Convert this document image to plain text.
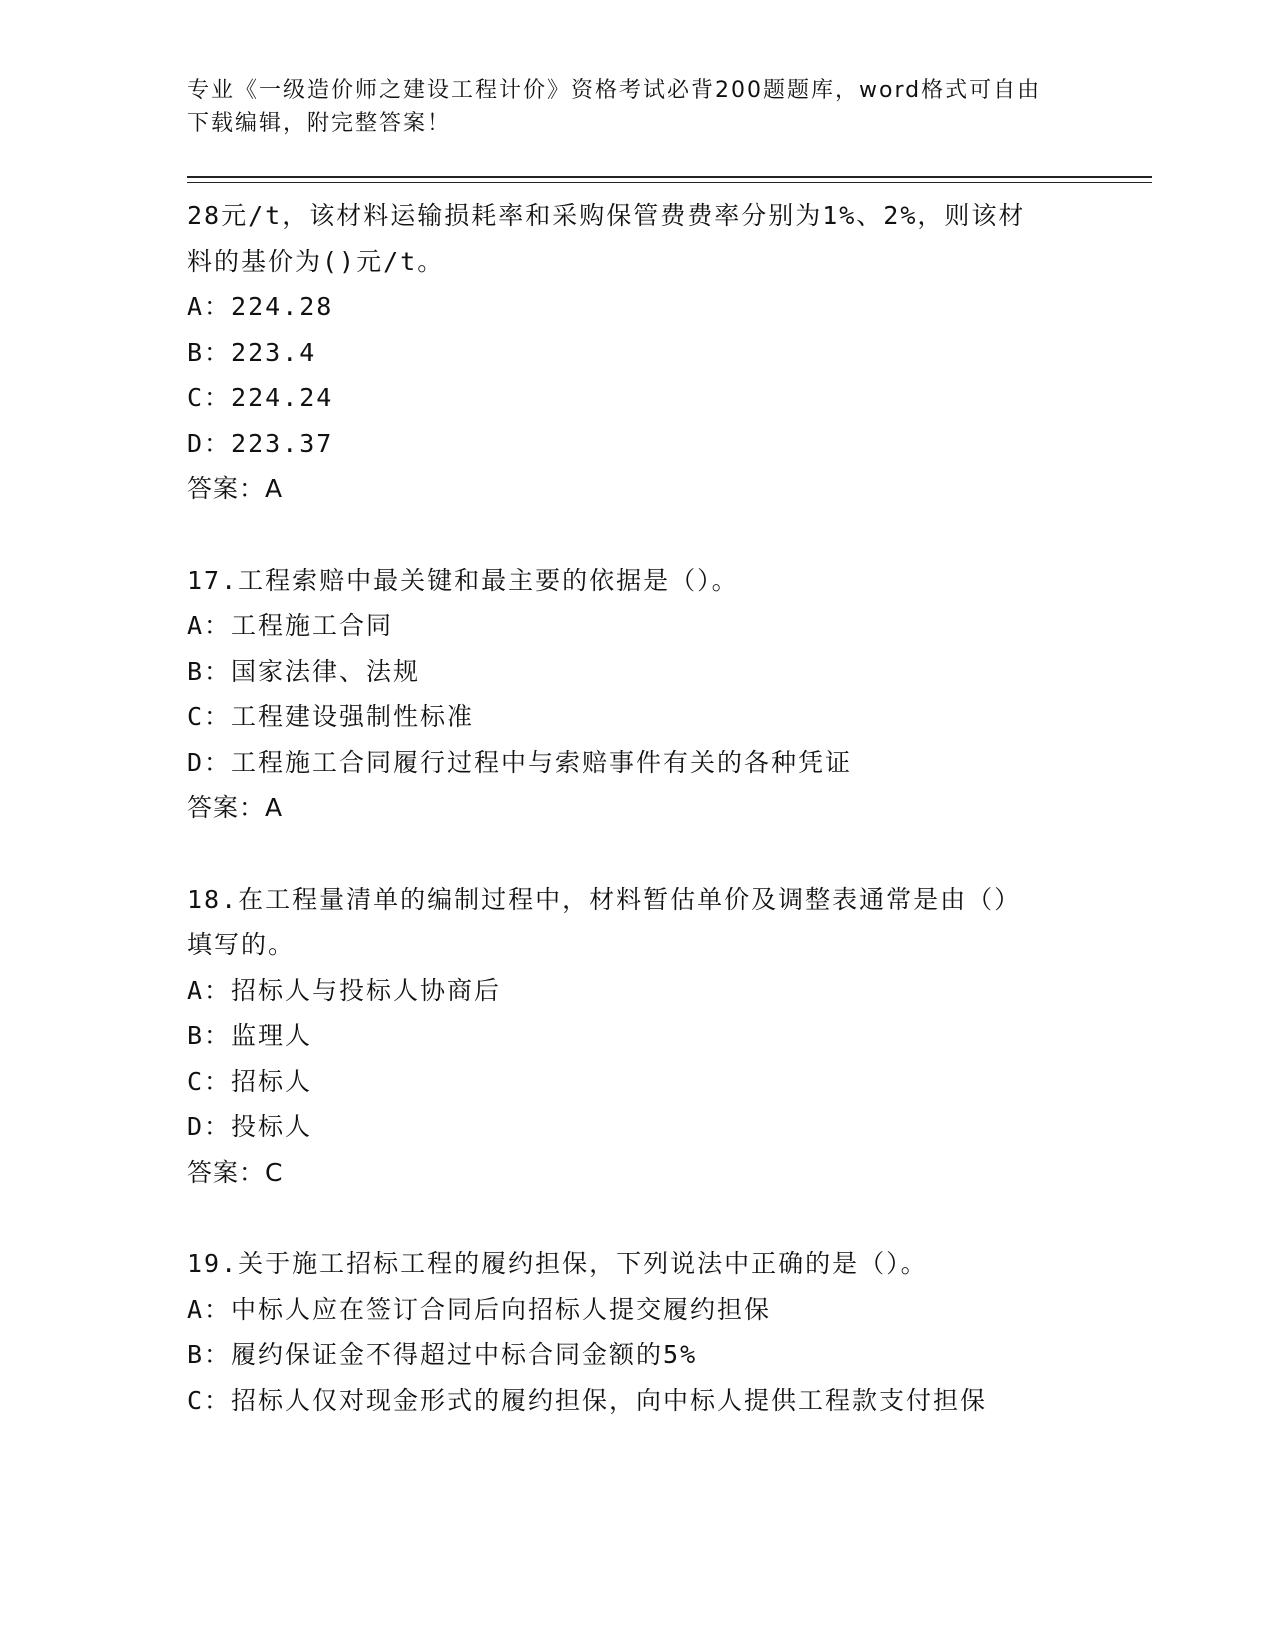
专业《一级造价师之建设工程计价》资格考试必背200题题库，word格式可自由
下载编辑，附完整答案！
28元/t，该材料运输损耗率和采购保管费费率分别为1%、2%，则该材
料的基价为()元/t。
A：224.28
B：223.4
C：224.24
D：223.37
答案：A
17.工程索赔中最关键和最主要的依据是（）。
A：工程施工合同
B：国家法律、法规
C：工程建设强制性标准
D：工程施工合同履行过程中与索赔事件有关的各种凭证
答案：A
18.在工程量清单的编制过程中，材料暂估单价及调整表通常是由（）
填写的。
A：招标人与投标人协商后
B：监理人
C：招标人
D：投标人
答案：C
19.关于施工招标工程的履约担保，下列说法中正确的是（）。
A：中标人应在签订合同后向招标人提交履约担保
B：履约保证金不得超过中标合同金额的5%
C：招标人仅对现金形式的履约担保，向中标人提供工程款支付担保
